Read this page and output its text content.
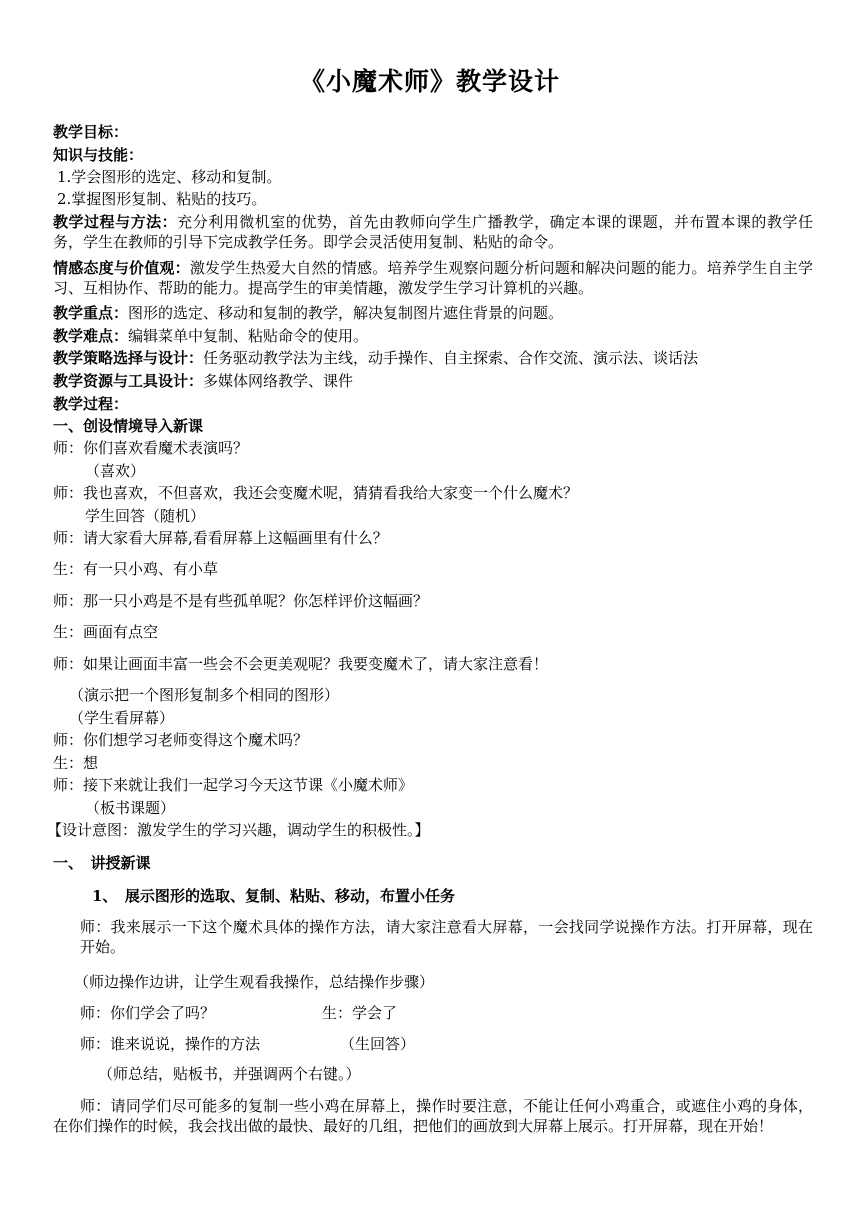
《小魔术师》教学设计
教学目标：
知识与技能：
1.学会图形的选定、移动和复制。
2.掌握图形复制、粘贴的技巧。
教学过程与方法：充分利用微机室的优势，首先由教师向学生广播教学，确定本课的课题，并布置本课的教学任务，学生在教师的引导下完成教学任务。即学会灵活使用复制、粘贴的命令。
情感态度与价值观：激发学生热爱大自然的情感。培养学生观察问题分析问题和解决问题的能力。培养学生自主学习、互相协作、帮助的能力。提高学生的审美情趣，激发学生学习计算机的兴趣。
教学重点：图形的选定、移动和复制的教学，解决复制图片遮住背景的问题。
教学难点：编辑菜单中复制、粘贴命令的使用。
教学策略选择与设计：任务驱动教学法为主线，动手操作、自主探索、合作交流、演示法、谈话法
教学资源与工具设计：多媒体网络教学、课件
教学过程：
一、创设情境导入新课
师：你们喜欢看魔术表演吗？
（喜欢）
师：我也喜欢，不但喜欢，我还会变魔术呢，猜猜看我给大家变一个什么魔术？
学生回答（随机）
师：请大家看大屏幕,看看屏幕上这幅画里有什么？
生：有一只小鸡、有小草
师：那一只小鸡是不是有些孤单呢？你怎样评价这幅画？
生：画面有点空
师：如果让画面丰富一些会不会更美观呢？我要变魔术了，请大家注意看！
（演示把一个图形复制多个相同的图形）
（学生看屏幕）
师：你们想学习老师变得这个魔术吗？
生：想
师：接下来就让我们一起学习今天这节课《小魔术师》
（板书课题）
【设计意图：激发学生的学习兴趣，调动学生的积极性。】
一、　讲授新课
1、　展示图形的选取、复制、粘贴、移动，布置小任务
师：我来展示一下这个魔术具体的操作方法，请大家注意看大屏幕，一会找同学说操作方法。打开屏幕，现在开始。
（师边操作边讲，让学生观看我操作，总结操作步骤）
师：你们学会了吗？	生：学会了
师：谁来说说，操作的方法	（生回答）
（师总结，贴板书，并强调两个右键。）
师：请同学们尽可能多的复制一些小鸡在屏幕上，操作时要注意，不能让任何小鸡重合，或遮住小鸡的身体，在你们操作的时候，我会找出做的最快、最好的几组，把他们的画放到大屏幕上展示。打开屏幕，现在开始！
